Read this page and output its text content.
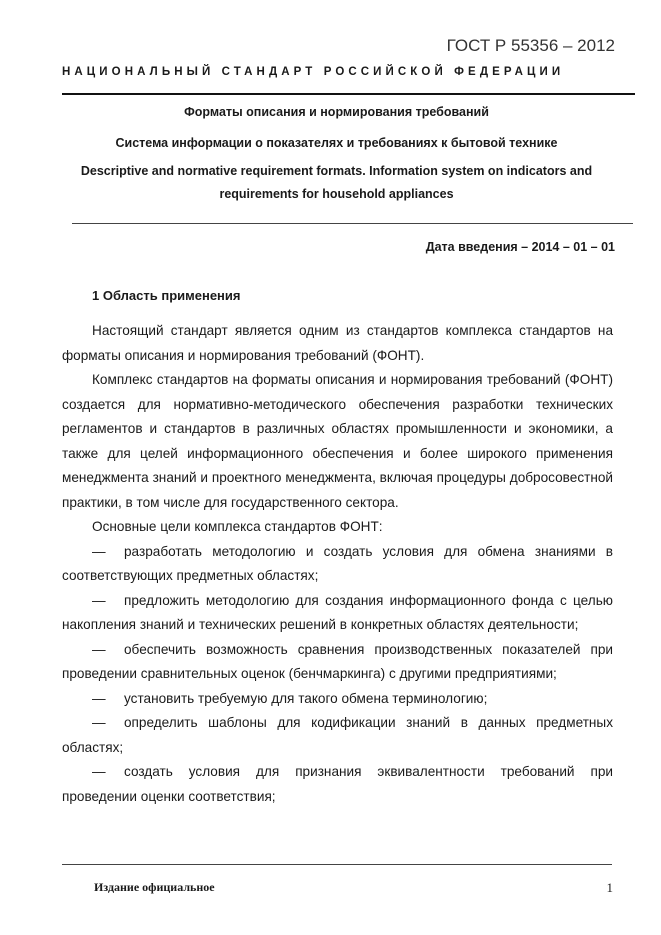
ГОСТ Р 55356 – 2012
НАЦИОНАЛЬНЫЙ СТАНДАРТ РОССИЙСКОЙ ФЕДЕРАЦИИ
Форматы описания и нормирования требований
Система информации о показателях и требованиях к бытовой технике
Descriptive and normative requirement formats. Information system on indicators and requirements for household appliances
Дата введения – 2014 – 01 – 01
1 Область применения

Настоящий стандарт является одним из стандартов комплекса стандартов на форматы описания и нормирования требований (ФОНТ).

Комплекс стандартов на форматы описания и нормирования требований (ФОНТ) создается для нормативно-методического обеспечения разработки технических регламентов и стандартов в различных областях промышленности и экономики, а также для целей информационного обеспечения и более широкого применения менеджмента знаний и проектного менеджмента, включая процедуры добросовестной практики, в том числе для государственного сектора.

Основные цели комплекса стандартов ФОНТ:

— разработать методологию и создать условия для обмена знаниями в соответствующих предметных областях;

— предложить методологию для создания информационного фонда с целью накопления знаний и технических решений в конкретных областях деятельности;

— обеспечить возможность сравнения производственных показателей при проведении сравнительных оценок (бенчмаркинга) с другими предприятиями;

— установить требуемую для такого обмена терминологию;

— определить шаблоны для кодификации знаний в данных предметных областях;

— создать условия для признания эквивалентности требований при проведении оценки соответствия;

Издание официальное	1
